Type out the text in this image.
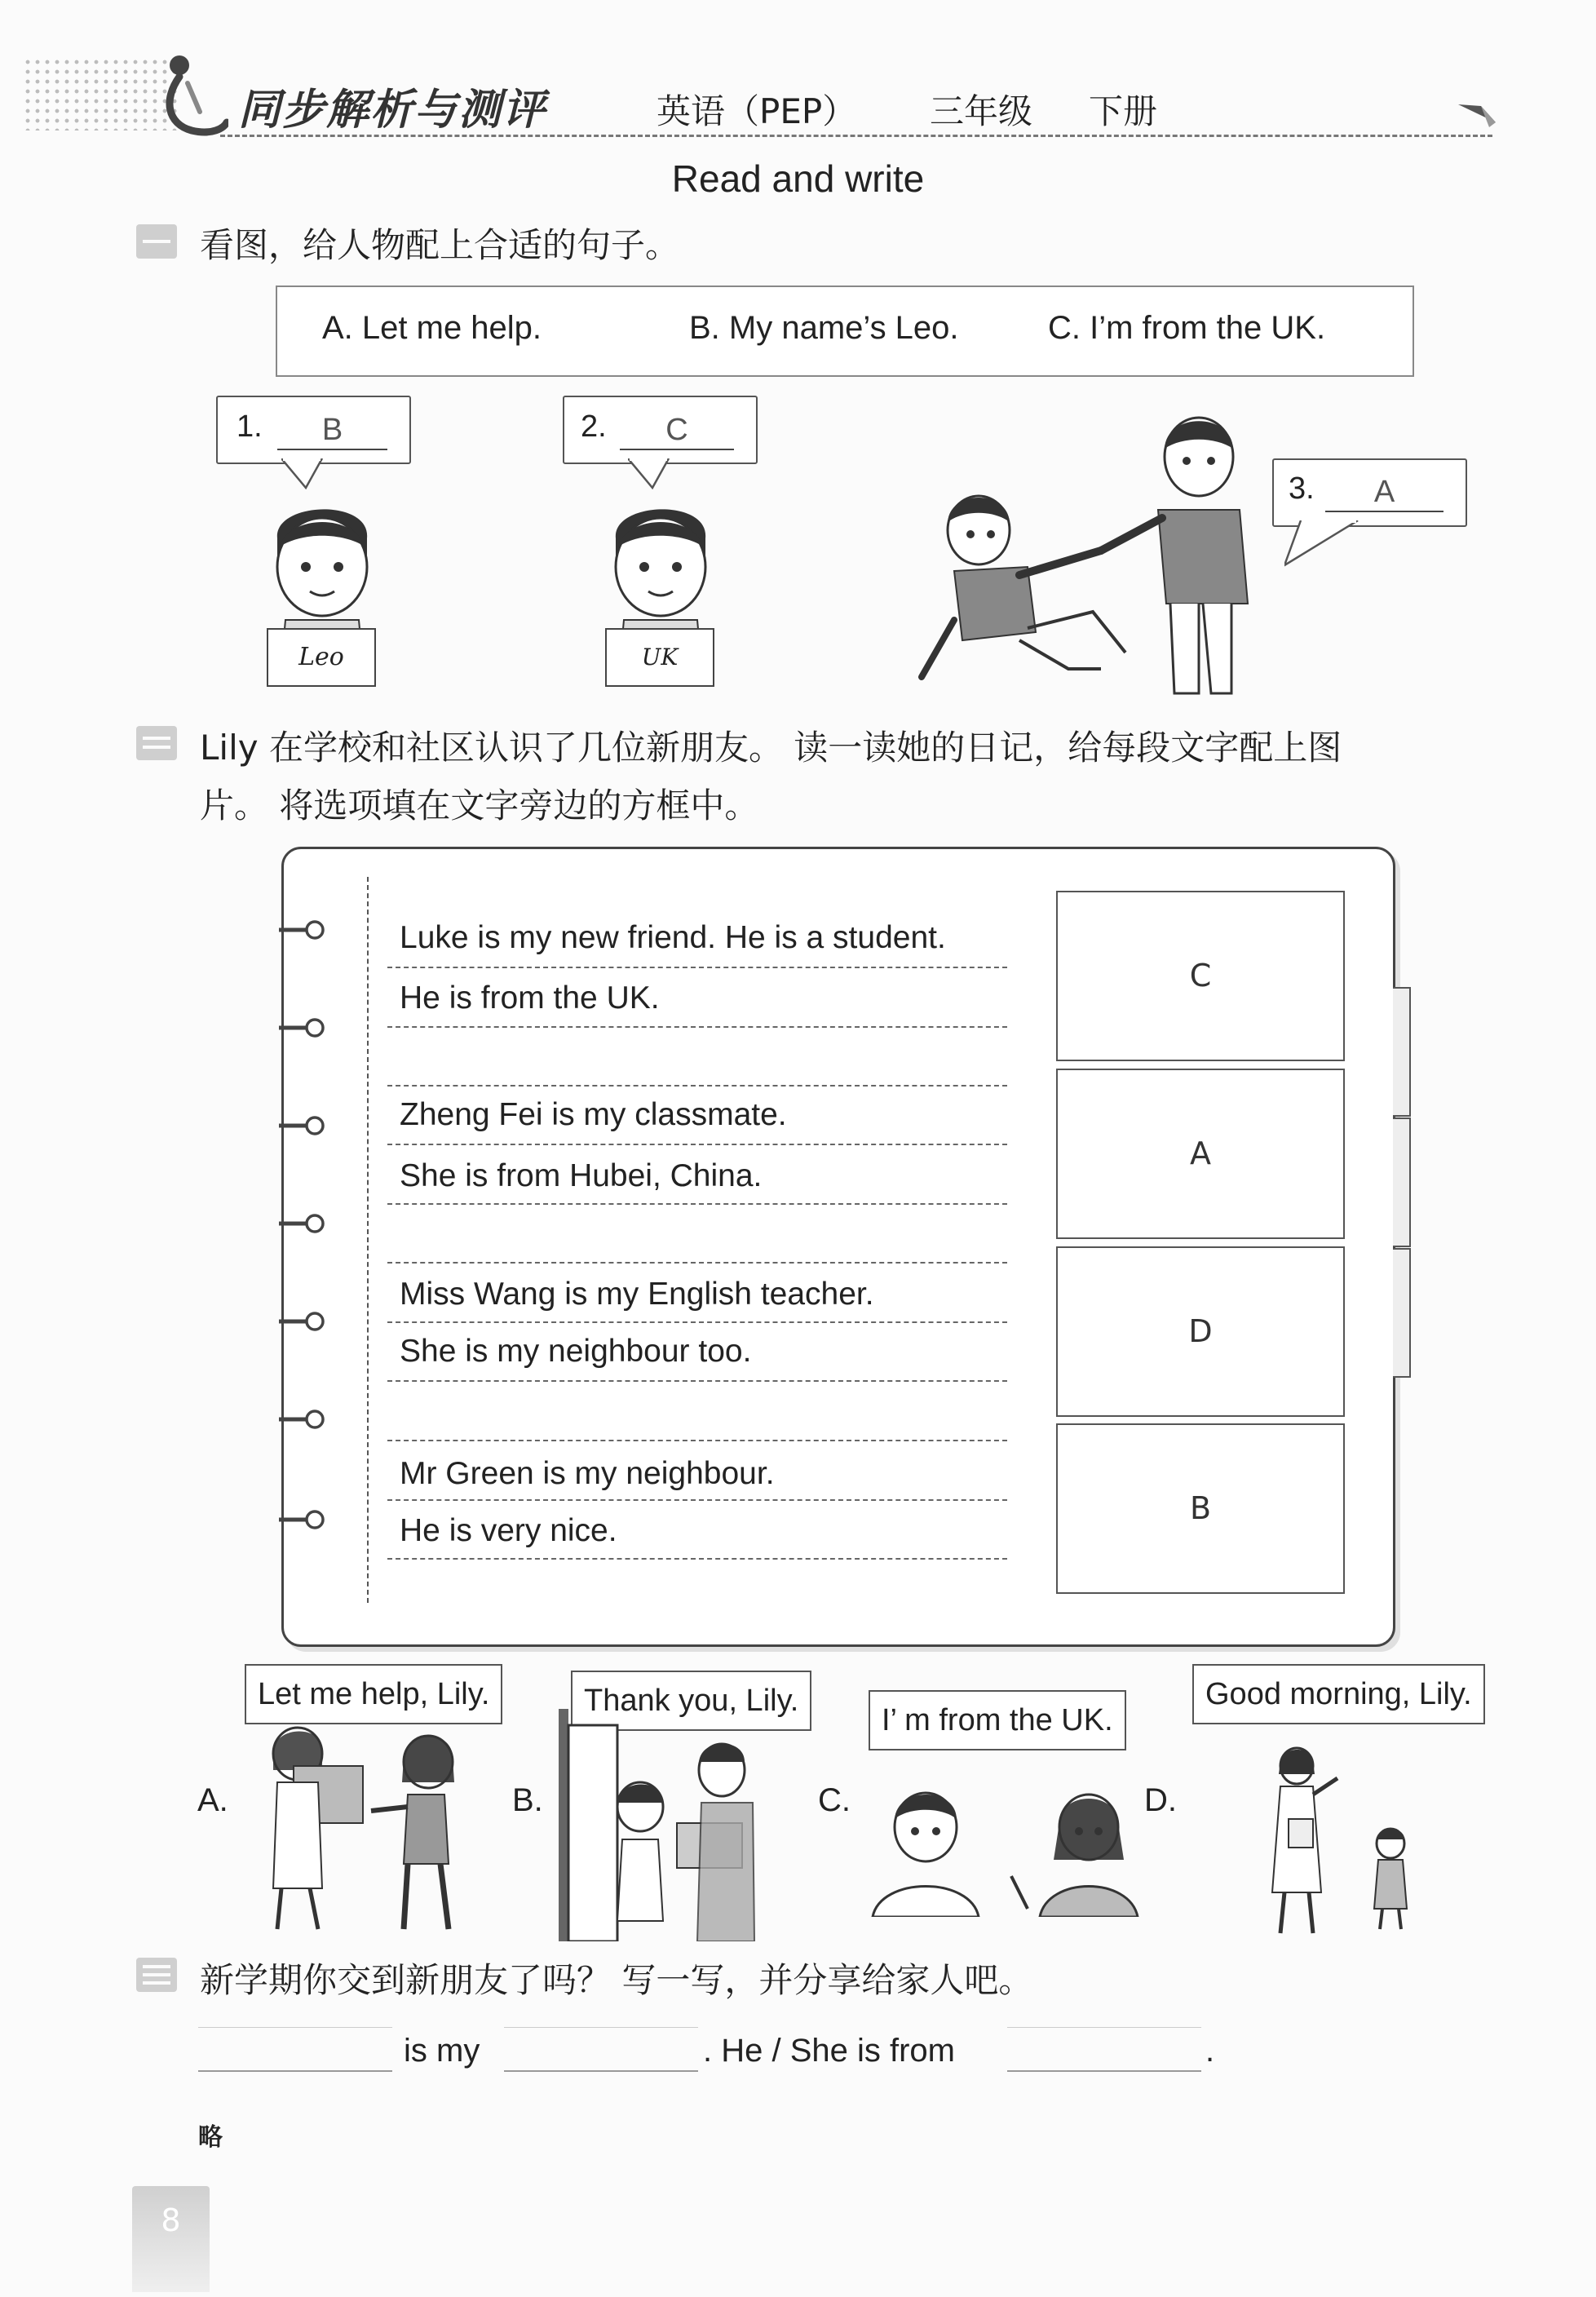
同步解析与测评	英语（PEP） 三年级 下册
Read and write
看图，给人物配上合适的句子。
A. Let me help.	B. My name’s Leo.	C. I’m from the UK.
1.	B
Leo
2.	C
UK
3.	A
Lily 在学校和社区认识了几位新朋友。 读一读她的日记，给每段文字配上图
片。 将选项填在文字旁边的方框中。
Luke is my new friend. He is a student.
He is from the UK.
C
Zheng Fei is my classmate.
She is from Hubei, China.
A
Miss Wang is my English teacher.
She is my neighbour too.
D
Mr Green is my neighbour.
He is very nice.
B
A.
Let me help, Lily.
B.
Thank you, Lily.
C.
I’ m from the UK.
D.
Good morning, Lily.
新学期你交到新朋友了吗？ 写一写，并分享给家人吧。
is my	. He / She is from	.
略
8
